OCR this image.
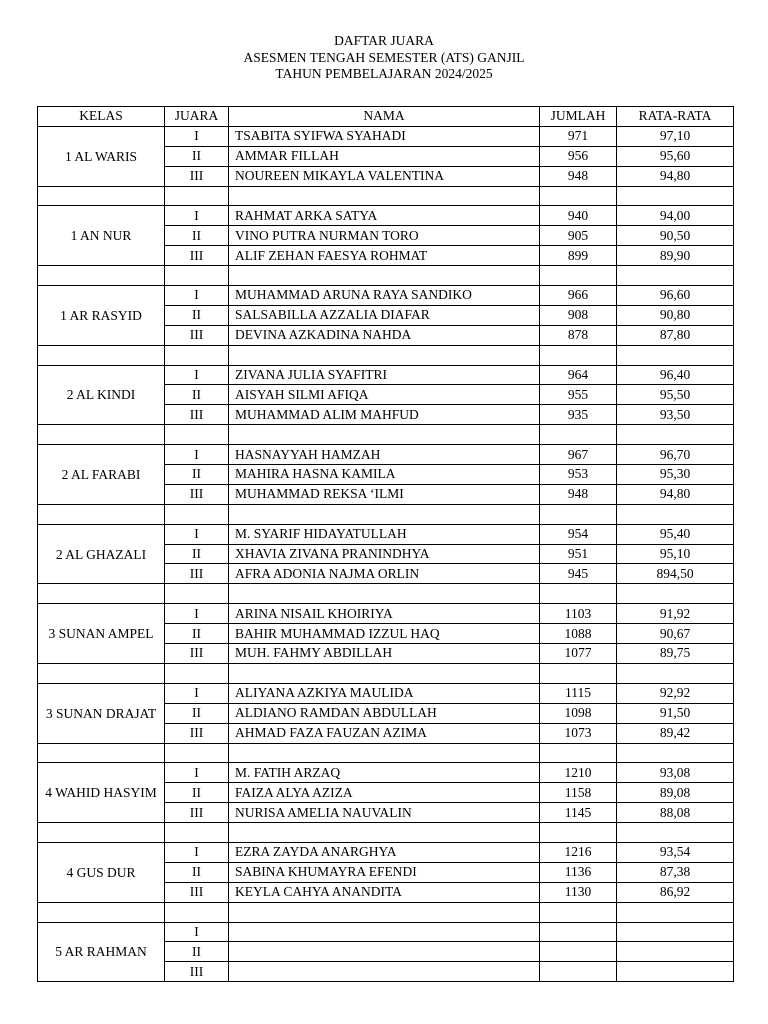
DAFTAR JUARA
ASESMEN TENGAH SEMESTER (ATS) GANJIL
TAHUN PEMBELAJARAN 2024/2025
KELAS	JUARA	NAMA	JUMLAH	RATA-RATA
1 AL WARIS	I	TSABITA SYIFWA SYAHADI	971	97,10
	II	AMMAR FILLAH	956	95,60
	III	NOUREEN MIKAYLA VALENTINA	948	94,80

1 AN NUR	I	RAHMAT ARKA SATYA	940	94,00
	II	VINO PUTRA NURMAN TORO	905	90,50
	III	ALIF ZEHAN FAESYA ROHMAT	899	89,90

1 AR RASYID	I	MUHAMMAD ARUNA RAYA SANDIKO	966	96,60
	II	SALSABILLA AZZALIA DIAFAR	908	90,80
	III	DEVINA AZKADINA NAHDA	878	87,80

2 AL KINDI	I	ZIVANA JULIA SYAFITRI	964	96,40
	II	AISYAH SILMI AFIQA	955	95,50
	III	MUHAMMAD ALIM MAHFUD	935	93,50

2 AL FARABI	I	HASNAYYAH HAMZAH	967	96,70
	II	MAHIRA HASNA KAMILA	953	95,30
	III	MUHAMMAD REKSA ‘ILMI	948	94,80

2 AL GHAZALI	I	M. SYARIF HIDAYATULLAH	954	95,40
	II	XHAVIA ZIVANA PRANINDHYA	951	95,10
	III	AFRA ADONIA NAJMA ORLIN	945	894,50

3 SUNAN AMPEL	I	ARINA NISAIL KHOIRIYA	1103	91,92
	II	BAHIR MUHAMMAD IZZUL HAQ	1088	90,67
	III	MUH. FAHMY ABDILLAH	1077	89,75

3 SUNAN DRAJAT	I	ALIYANA AZKIYA MAULIDA	1115	92,92
	II	ALDIANO RAMDAN ABDULLAH	1098	91,50
	III	AHMAD FAZA FAUZAN AZIMA	1073	89,42

4 WAHID HASYIM	I	M. FATIH ARZAQ	1210	93,08
	II	FAIZA ALYA AZIZA	1158	89,08
	III	NURISA AMELIA NAUVALIN	1145	88,08

4 GUS DUR	I	EZRA ZAYDA ANARGHYA	1216	93,54
	II	SABINA KHUMAYRA EFENDI	1136	87,38
	III	KEYLA CAHYA ANANDITA	1130	86,92

5 AR RAHMAN	I			
	II			
	III			
